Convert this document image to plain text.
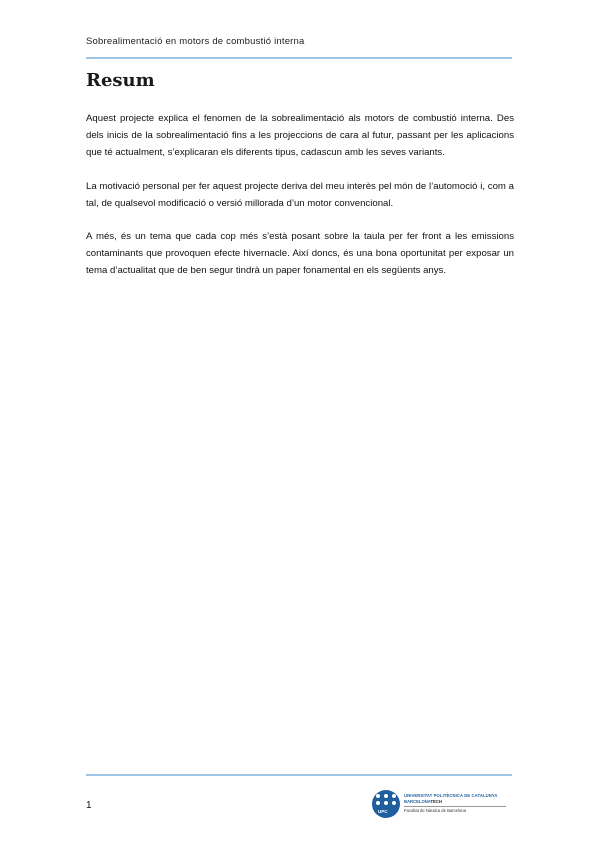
Sobrealimentació en motors de combustió interna
Resum

Aquest projecte explica el fenomen de la sobrealimentació als motors de combustió interna. Des dels inicis de la sobrealimentació fins a les projeccions de cara al futur, passant per les aplicacions que té actualment, s’explicaran els diferents tipus, cadascun amb les seves variants.

La motivació personal per fer aquest projecte deriva del meu interès pel món de l’automoció i, com a tal, de qualsevol modificació o versió millorada d’un motor convencional.

A més, és un tema que cada cop més s’està posant sobre la taula per fer front a les emissions contaminants que provoquen efecte hivernacle. Així doncs, és una bona oportunitat per exposar un tema d’actualitat que de ben segur tindrà un paper fonamental en els següents anys.

1
UPC
UNIVERSITAT POLITÈCNICA DE CATALUNYA
BARCELONATECH
Facultat de Nàutica de Barcelona
